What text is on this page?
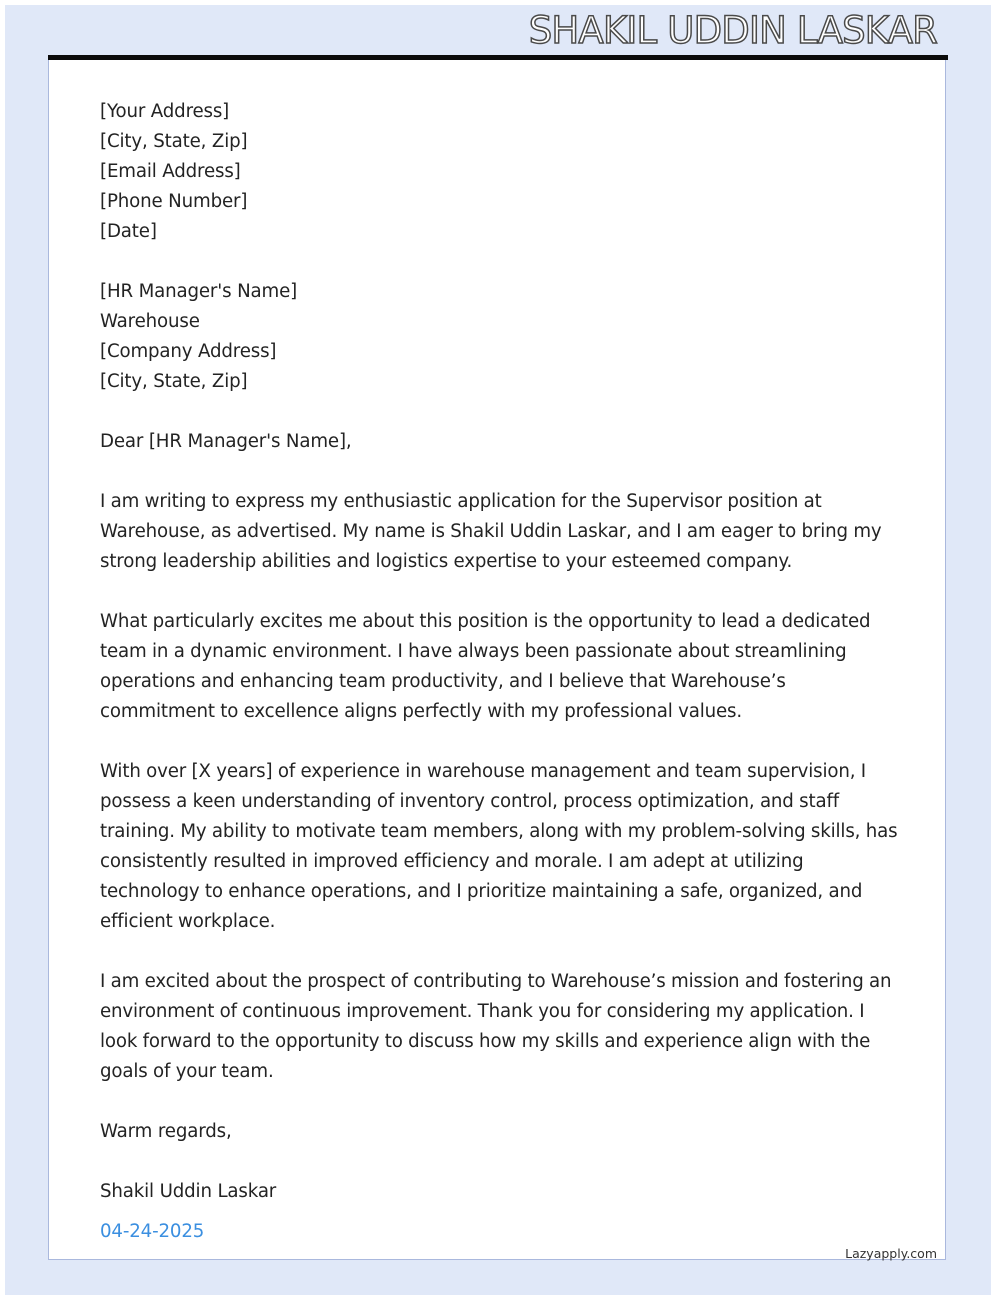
SHAKIL UDDIN LASKAR
[Your Address]
[City, State, Zip]
[Email Address]
[Phone Number]
[Date]
[HR Manager's Name]
Warehouse
[Company Address]
[City, State, Zip]
Dear [HR Manager's Name],
I am writing to express my enthusiastic application for the Supervisor position at Warehouse, as advertised. My name is Shakil Uddin Laskar, and I am eager to bring my strong leadership abilities and logistics expertise to your esteemed company.
What particularly excites me about this position is the opportunity to lead a dedicated team in a dynamic environment. I have always been passionate about streamlining operations and enhancing team productivity, and I believe that Warehouse’s commitment to excellence aligns perfectly with my professional values.
With over [X years] of experience in warehouse management and team supervision, I possess a keen understanding of inventory control, process optimization, and staff training. My ability to motivate team members, along with my problem-solving skills, has consistently resulted in improved efficiency and morale. I am adept at utilizing technology to enhance operations, and I prioritize maintaining a safe, organized, and efficient workplace.
I am excited about the prospect of contributing to Warehouse’s mission and fostering an environment of continuous improvement. Thank you for considering my application. I look forward to the opportunity to discuss how my skills and experience align with the goals of your team.
Warm regards,
Shakil Uddin Laskar
04-24-2025
Lazyapply.com
